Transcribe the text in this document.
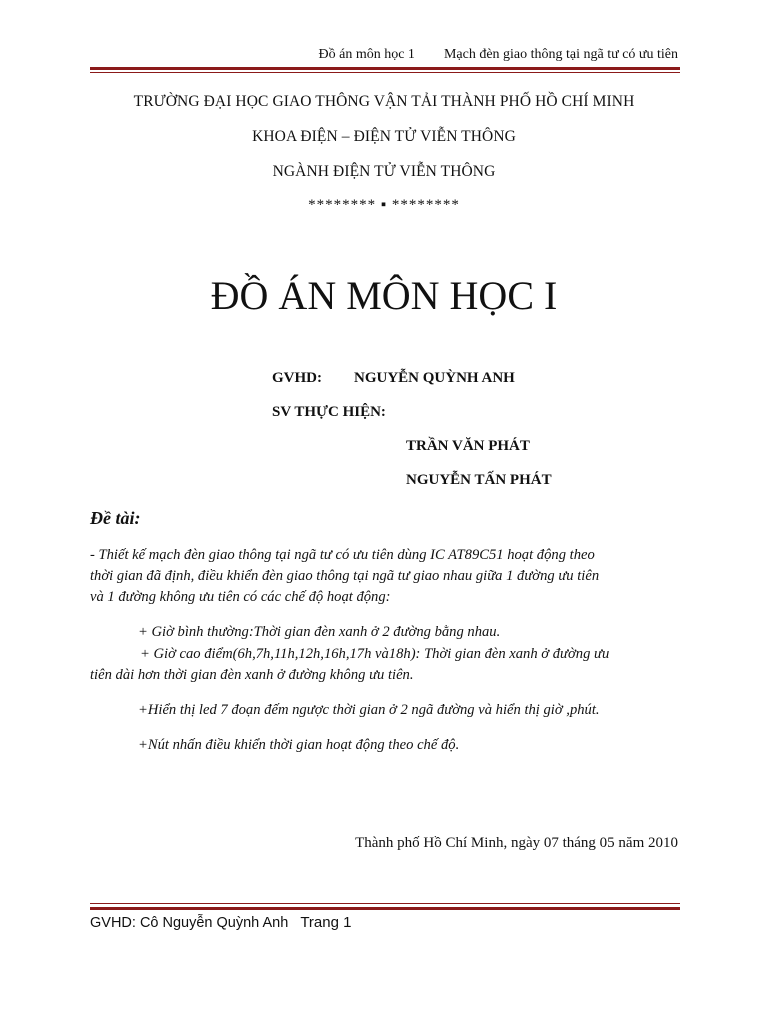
Đồ án môn học 1 Mạch đèn giao thông tại ngã tư có ưu tiên
TRƯỜNG ĐẠI HỌC GIAO THÔNG VẬN TẢI THÀNH PHỐ HỒ CHÍ MINH
KHOA ĐIỆN – ĐIỆN TỬ VIỄN THÔNG
NGÀNH ĐIỆN TỬ VIỄN THÔNG
******** ▪ ********
ĐỒ ÁN MÔN HỌC I
GVHD: NGUYỄN QUỲNH ANH
SV THỰC HIỆN:
TRẦN VĂN PHÁT
NGUYỄN TẤN PHÁT
Đề tài:
- Thiết kế mạch đèn giao thông tại ngã tư có ưu tiên dùng IC AT89C51 hoạt động theo
thời gian đã định, điều khiển đèn giao thông tại ngã tư giao nhau giữa 1 đường ưu tiên
và 1 đường không ưu tiên có các chế độ hoạt động:
+ Giờ bình thường:Thời gian đèn xanh ở 2 đường bằng nhau.
+ Giờ cao điểm(6h,7h,11h,12h,16h,17h và18h): Thời gian đèn xanh ở đường ưu
tiên dài hơn thời gian đèn xanh ở đường không ưu tiên.
+Hiển thị led 7 đoạn đếm ngược thời gian ở 2 ngã đường và hiển thị giờ ,phút.
+Nút nhấn điều khiển thời gian hoạt động theo chế độ.
Thành phố Hồ Chí Minh, ngày 07 tháng 05 năm 2010
GVHD: Cô Nguyễn Quỳnh Anh Trang 1
